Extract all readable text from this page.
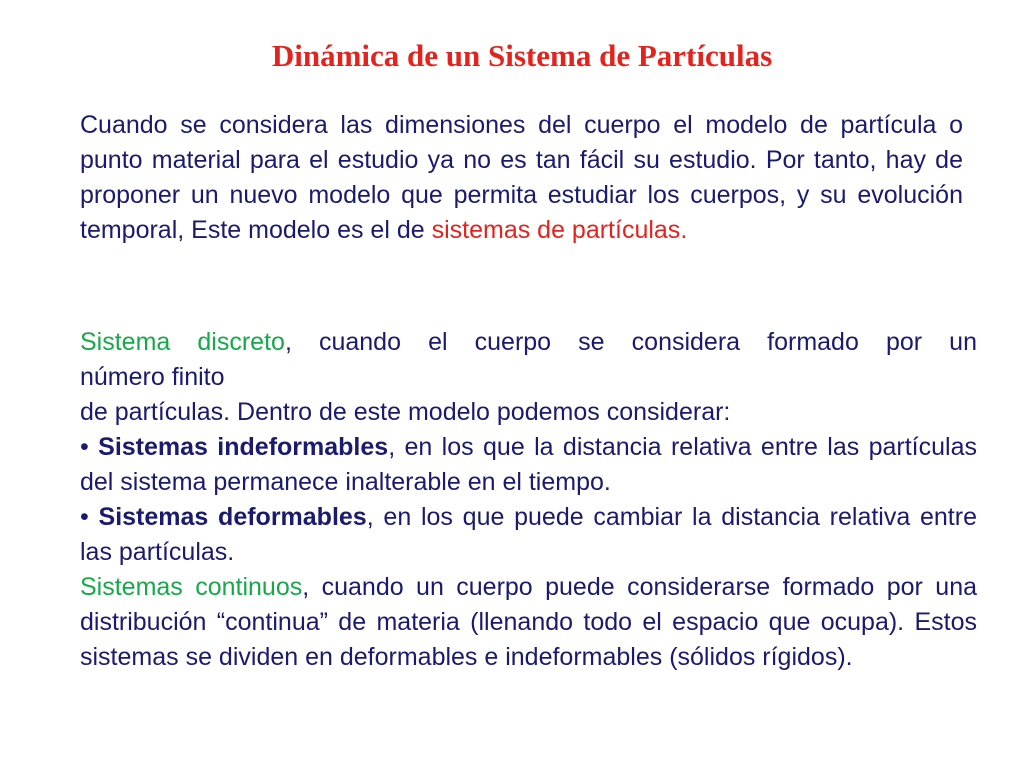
Dinámica de un Sistema de Partículas

Cuando se considera las dimensiones del cuerpo el modelo de partícula o punto material para el estudio ya no es tan fácil su estudio. Por tanto, hay de proponer un nuevo modelo que permita estudiar los cuerpos, y su evolución temporal, Este modelo es el de sistemas de partículas.

Sistema discreto, cuando el cuerpo se considera formado por un
número finito
de partículas. Dentro de este modelo podemos considerar:
• Sistemas indeformables, en los que la distancia relativa entre las partículas del sistema permanece inalterable en el tiempo.
• Sistemas deformables, en los que puede cambiar la distancia relativa entre las partículas.
Sistemas continuos, cuando un cuerpo puede considerarse formado por una distribución “continua” de materia (llenando todo el espacio que ocupa). Estos sistemas se dividen en deformables e indeformables (sólidos rígidos).
